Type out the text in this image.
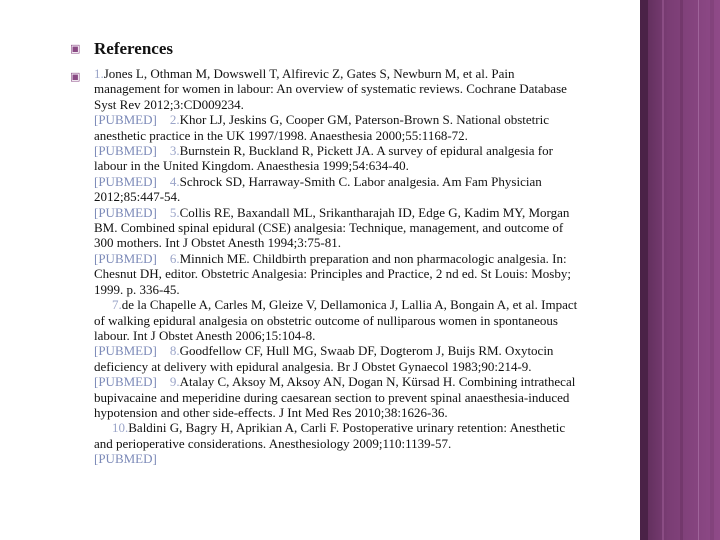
▣ References
▣ 1.Jones L, Othman M, Dowswell T, Alfirevic Z, Gates S, Newburn M, et al. Pain
management for women in labour: An overview of systematic reviews. Cochrane Database
Syst Rev 2012;3:CD009234.
[PUBMED] 2.Khor LJ, Jeskins G, Cooper GM, Paterson-Brown S. National obstetric
anesthetic practice in the UK 1997/1998. Anaesthesia 2000;55:1168-72.
[PUBMED] 3.Burnstein R, Buckland R, Pickett JA. A survey of epidural analgesia for
labour in the United Kingdom. Anaesthesia 1999;54:634-40.
[PUBMED] 4.Schrock SD, Harraway-Smith C. Labor analgesia. Am Fam Physician
2012;85:447-54.
[PUBMED] 5.Collis RE, Baxandall ML, Srikantharajah ID, Edge G, Kadim MY, Morgan
BM. Combined spinal epidural (CSE) analgesia: Technique, management, and outcome of
300 mothers. Int J Obstet Anesth 1994;3:75-81.
[PUBMED] 6.Minnich ME. Childbirth preparation and non pharmacologic analgesia. In:
Chesnut DH, editor. Obstetric Analgesia: Principles and Practice, 2 nd ed. St Louis: Mosby;
1999. p. 336-45.
7.de la Chapelle A, Carles M, Gleize V, Dellamonica J, Lallia A, Bongain A, et al. Impact
of walking epidural analgesia on obstetric outcome of nulliparous women in spontaneous
labour. Int J Obstet Anesth 2006;15:104-8.
[PUBMED] 8.Goodfellow CF, Hull MG, Swaab DF, Dogterom J, Buijs RM. Oxytocin
deficiency at delivery with epidural analgesia. Br J Obstet Gynaecol 1983;90:214-9.
[PUBMED] 9.Atalay C, Aksoy M, Aksoy AN, Dogan N, Kürsad H. Combining intrathecal
bupivacaine and meperidine during caesarean section to prevent spinal anaesthesia-induced
hypotension and other side-effects. J Int Med Res 2010;38:1626-36.
10.Baldini G, Bagry H, Aprikian A, Carli F. Postoperative urinary retention: Anesthetic
and perioperative considerations. Anesthesiology 2009;110:1139-57.
[PUBMED]
